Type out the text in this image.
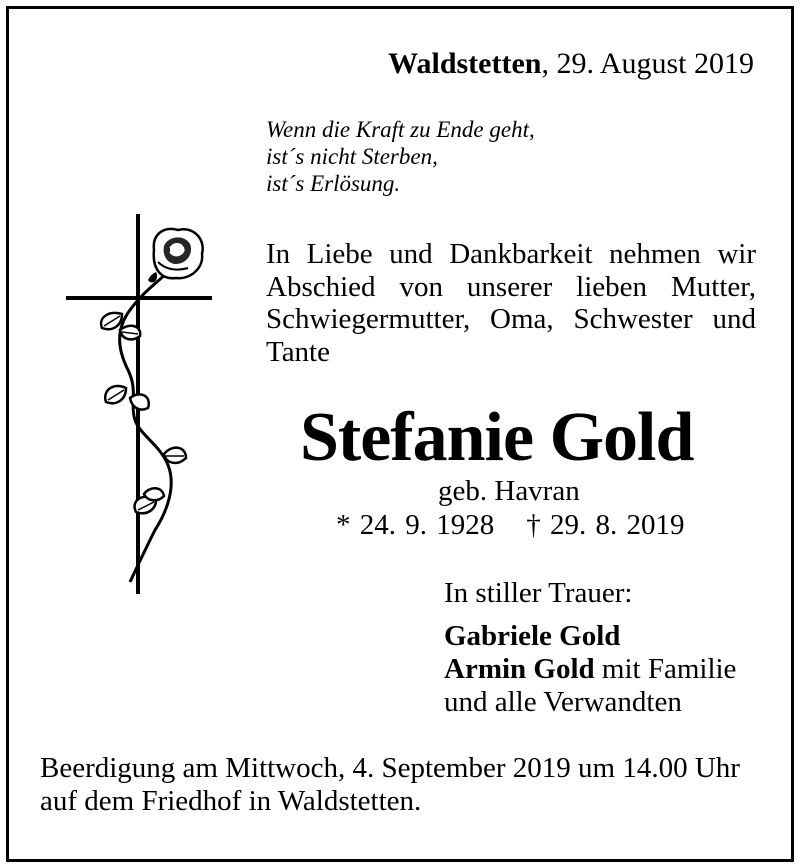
Waldstetten, 29. August 2019
Wenn die Kraft zu Ende geht,
ist´s nicht Sterben,
ist´s Erlösung.
In Liebe und Dankbarkeit nehmen wir
Abschied von unserer lieben Mutter,
Schwiegermutter, Oma, Schwester und
Tante
Stefanie Gold
geb. Havran
* 24. 9. 1928 † 29. 8. 2019
In stiller Trauer:
Gabriele Gold
Armin Gold mit Familie
und alle Verwandten
Beerdigung am Mittwoch, 4. September 2019 um 14.00 Uhr
auf dem Friedhof in Waldstetten.
